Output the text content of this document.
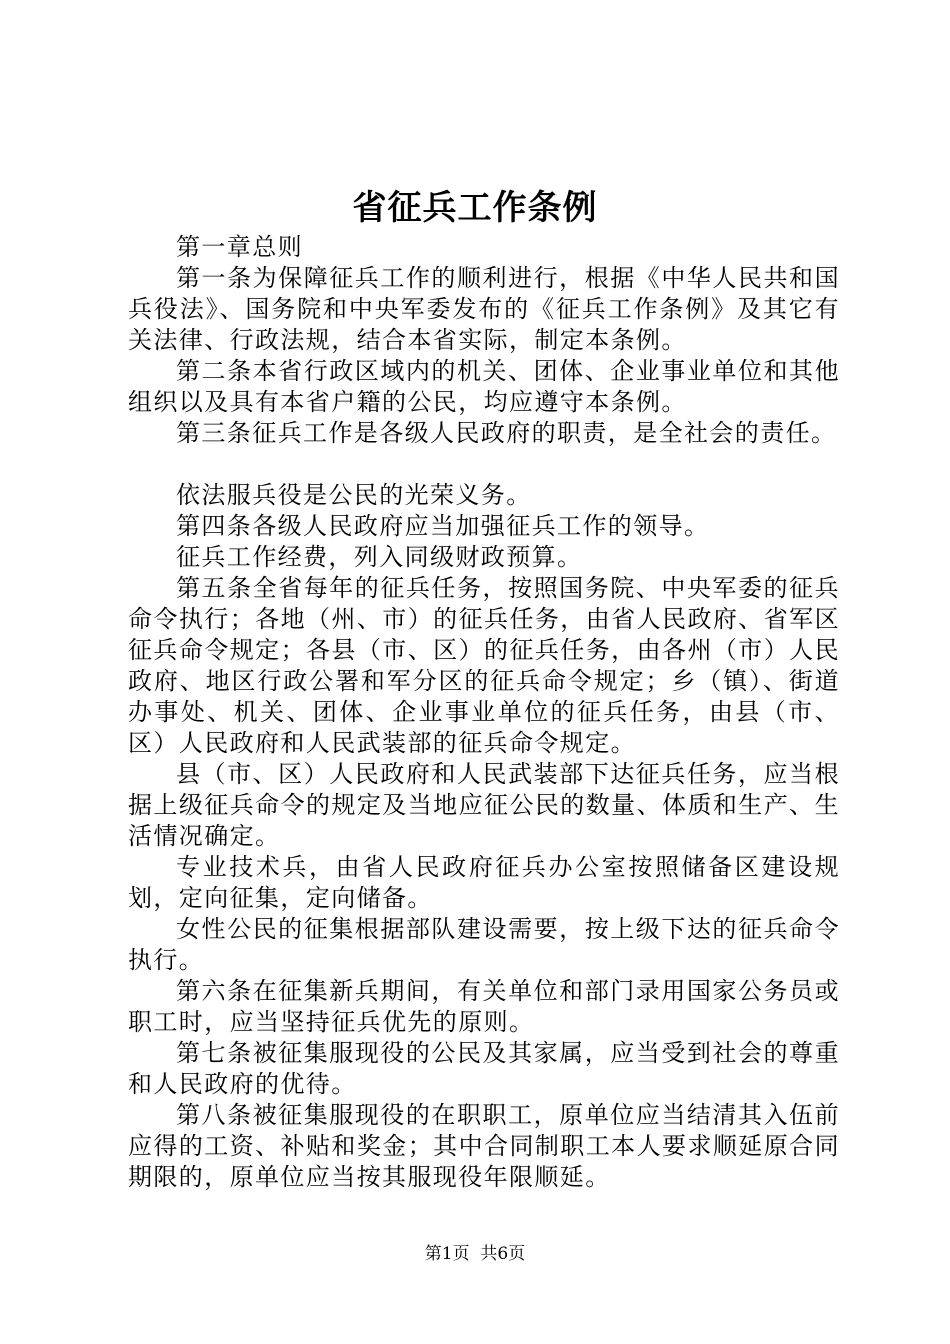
省征兵工作条例

第一章总则

第一条为保障征兵工作的顺利进行，根据《中华人民共和国兵役法》、国务院和中央军委发布的《征兵工作条例》及其它有关法律、行政法规，结合本省实际，制定本条例。

第二条本省行政区域内的机关、团体、企业事业单位和其他组织以及具有本省户籍的公民，均应遵守本条例。

第三条征兵工作是各级人民政府的职责，是全社会的责任。

依法服兵役是公民的光荣义务。

第四条各级人民政府应当加强征兵工作的领导。

征兵工作经费，列入同级财政预算。

第五条全省每年的征兵任务，按照国务院、中央军委的征兵命令执行；各地（州、市）的征兵任务，由省人民政府、省军区征兵命令规定；各县（市、区）的征兵任务，由各州（市）人民政府、地区行政公署和军分区的征兵命令规定；乡（镇）、街道办事处、机关、团体、企业事业单位的征兵任务，由县（市、区）人民政府和人民武装部的征兵命令规定。

县（市、区）人民政府和人民武装部下达征兵任务，应当根据上级征兵命令的规定及当地应征公民的数量、体质和生产、生活情况确定。

专业技术兵，由省人民政府征兵办公室按照储备区建设规划，定向征集，定向储备。

女性公民的征集根据部队建设需要，按上级下达的征兵命令执行。

第六条在征集新兵期间，有关单位和部门录用国家公务员或职工时，应当坚持征兵优先的原则。

第七条被征集服现役的公民及其家属，应当受到社会的尊重和人民政府的优待。

第八条被征集服现役的在职职工，原单位应当结清其入伍前应得的工资、补贴和奖金；其中合同制职工本人要求顺延原合同期限的，原单位应当按其服现役年限顺延。

第1页 共6页
